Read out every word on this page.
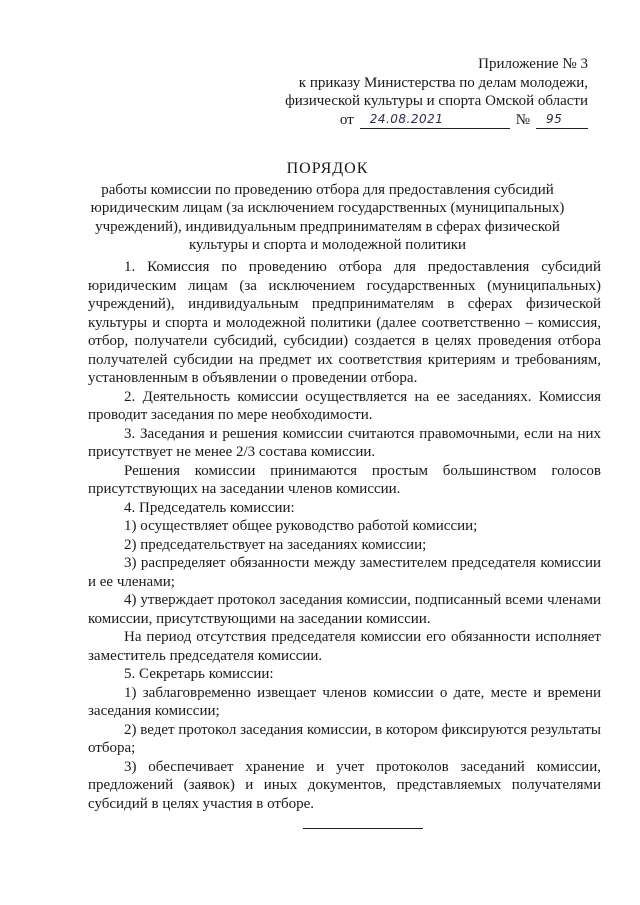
Приложение № 3
к приказу Министерства по делам молодежи,
физической культуры и спорта Омской области
от 24.08.2021	№ 95
ПОРЯДОК
работы комиссии по проведению отбора для предоставления субсидий
юридическим лицам (за исключением государственных (муниципальных)
учреждений), индивидуальным предпринимателям в сферах физической
культуры и спорта и молодежной политики

1. Комиссия по проведению отбора для предоставления субсидий юридическим лицам (за исключением государственных (муниципальных) учреждений), индивидуальным предпринимателям в сферах физической культуры и спорта и молодежной политики (далее соответственно – комиссия, отбор, получатели субсидий, субсидии) создается в целях проведения отбора получателей субсидии на предмет их соответствия критериям и требованиям, установленным в объявлении о проведении отбора.

2. Деятельность комиссии осуществляется на ее заседаниях. Комиссия проводит заседания по мере необходимости.

3. Заседания и решения комиссии считаются правомочными, если на них присутствует не менее 2/3 состава комиссии.

Решения комиссии принимаются простым большинством голосов присутствующих на заседании членов комиссии.

4. Председатель комиссии:

1) осуществляет общее руководство работой комиссии;

2) председательствует на заседаниях комиссии;

3) распределяет обязанности между заместителем председателя комиссии и ее членами;

4) утверждает протокол заседания комиссии, подписанный всеми членами комиссии, присутствующими на заседании комиссии.

На период отсутствия председателя комиссии его обязанности исполняет заместитель председателя комиссии.

5. Секретарь комиссии:

1) заблаговременно извещает членов комиссии о дате, месте и времени заседания комиссии;

2) ведет протокол заседания комиссии, в котором фиксируются результаты отбора;

3) обеспечивает хранение и учет протоколов заседаний комиссии, предложений (заявок) и иных документов, представляемых получателями субсидий в целях участия в отборе.
